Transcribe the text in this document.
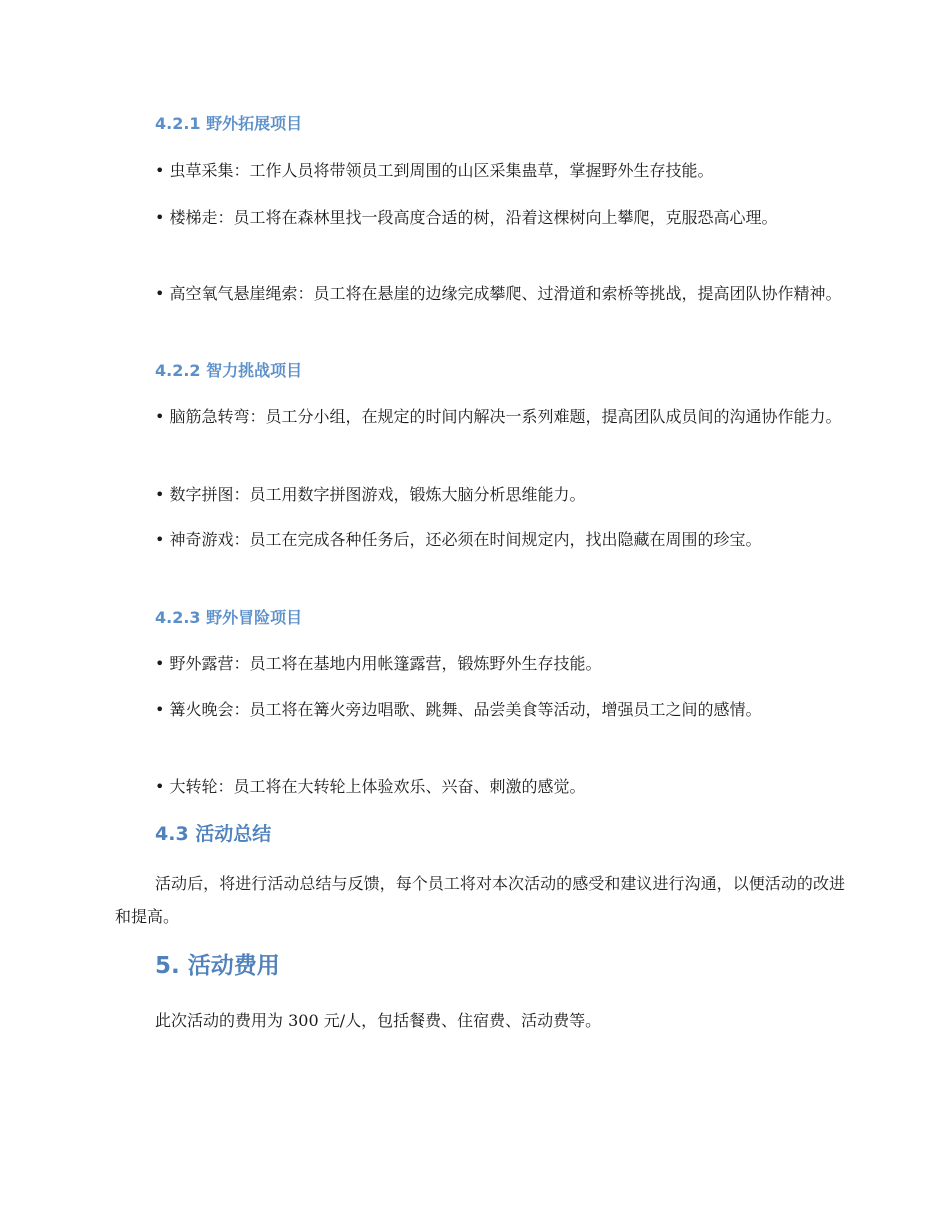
4.2.1 野外拓展项目
• 虫草采集：工作人员将带领员工到周围的山区采集蛊草，掌握野外生存技能。
• 楼梯走：员工将在森林里找一段高度合适的树，沿着这棵树向上攀爬，克服恐高心理。
• 高空氧气悬崖绳索：员工将在悬崖的边缘完成攀爬、过滑道和索桥等挑战，提高团队协作精神。
4.2.2 智力挑战项目
• 脑筋急转弯：员工分小组，在规定的时间内解决一系列难题，提高团队成员间的沟通协作能力。
• 数字拼图：员工用数字拼图游戏，锻炼大脑分析思维能力。
• 神奇游戏：员工在完成各种任务后，还必须在时间规定内，找出隐藏在周围的珍宝。
4.2.3 野外冒险项目
• 野外露营：员工将在基地内用帐篷露营，锻炼野外生存技能。
• 篝火晚会：员工将在篝火旁边唱歌、跳舞、品尝美食等活动，增强员工之间的感情。
• 大转轮：员工将在大转轮上体验欢乐、兴奋、刺激的感觉。
4.3 活动总结
活动后，将进行活动总结与反馈，每个员工将对本次活动的感受和建议进行沟通，以便活动的改进和提高。
5. 活动费用
此次活动的费用为 300 元/人，包括餐费、住宿费、活动费等。
